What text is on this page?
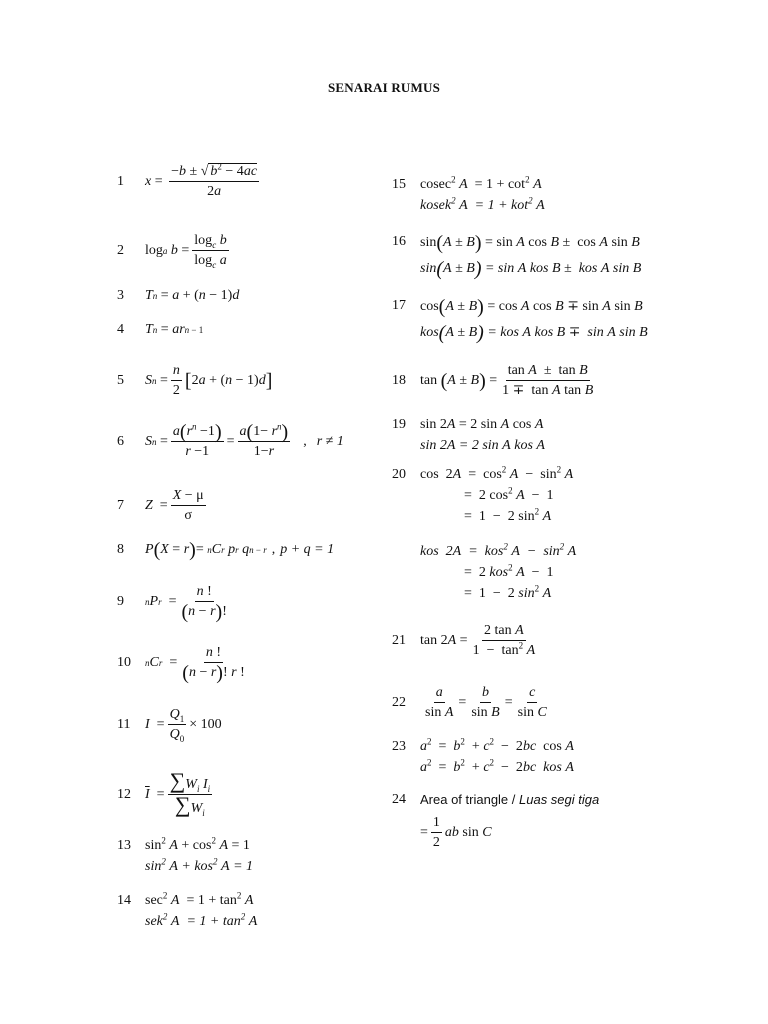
SENARAI RUMUS
1	$x = \frac{-b \pm √ b^2 - 4ac}{2a}$
2	log a
$b = \frac{\log_c b}{\log_c a}$
3	T n = a + ( n − 1) d
4	T n = ar n − 1
5	S $n = \frac{n}{2}$ [ 2 a + ( n − 1) d ]
6	S $n = \frac{a(r^n -1)}{r -1} = \frac{a(1- r^n)}{1-r}$ , r ≠ 1
7	$Z = \frac{X - \mu}{\sigma}$
8	P ( X = r ) = n C r
p r
q n − r , p + q = 1
9	n P $r = \frac{n !}{(n - r)!}$
10	n C $r = \frac{n !}{(n - r)! r !}$
11	$I = \frac{Q_1}{Q_0} \times 100$
12	$\overline{I} = \frac{\sum W_i I_i}{\sum W_i}$
13	$\sin^2 A + \cos^2 A = 1$
$\sin^2 A + kos^2$ A = 1
14	$\sec^2 A = 1 + \tan^2 A$
sek$^2$ $A = 1 + \tan^2 A$
15	cosec$^2$ $A = 1 + \cot^2 A$
kosek$^2$ A  = 1 + kot$^2$ A
16	sin(A ± B) = sin A cos B ±  cos A sin B
sin(A ± B) = sin A kos B ±  kos A sin B
17	cos(A ± B) = cos A cos B ∓ sin A sin B
kos(A ± B) = kos A kos B ∓  sin A sin B
18	tan ( A ± B ) = $\frac{\text{tan A  ±  tan B}}{\text{1 ∓  tan A tan B}}$
19	sin 2A = 2 sin A cos A
sin 2A = 2 sin A kos A
20	$\cos 2A = \cos^2 A - \sin^2 A$
=  2 $\cos^2 A - 1$
=  1  −  2 $\sin^2 A$
kos  2A  =  kos$^2$ $A - \sin^2 A$
=  2 kos$^2$ A  −  1
=  1  −  2 $\sin^2 A$
21	tan 2 $A = \frac{\text{2 tan A}}{1 - \tan^2 A}$
22	$\frac{a}{\text{sin A}} = \frac{b}{\text{sin B}} = \frac{c}{\text{sin C}}$
23	$a^2 = b^2 + c^2 - 2bc$  cos A
$a^2 = b^2 + c^2 - 2bc$ kos A
24	Area of triangle / Luas segi tiga
= $\frac{1}{2}$ ab sin C
